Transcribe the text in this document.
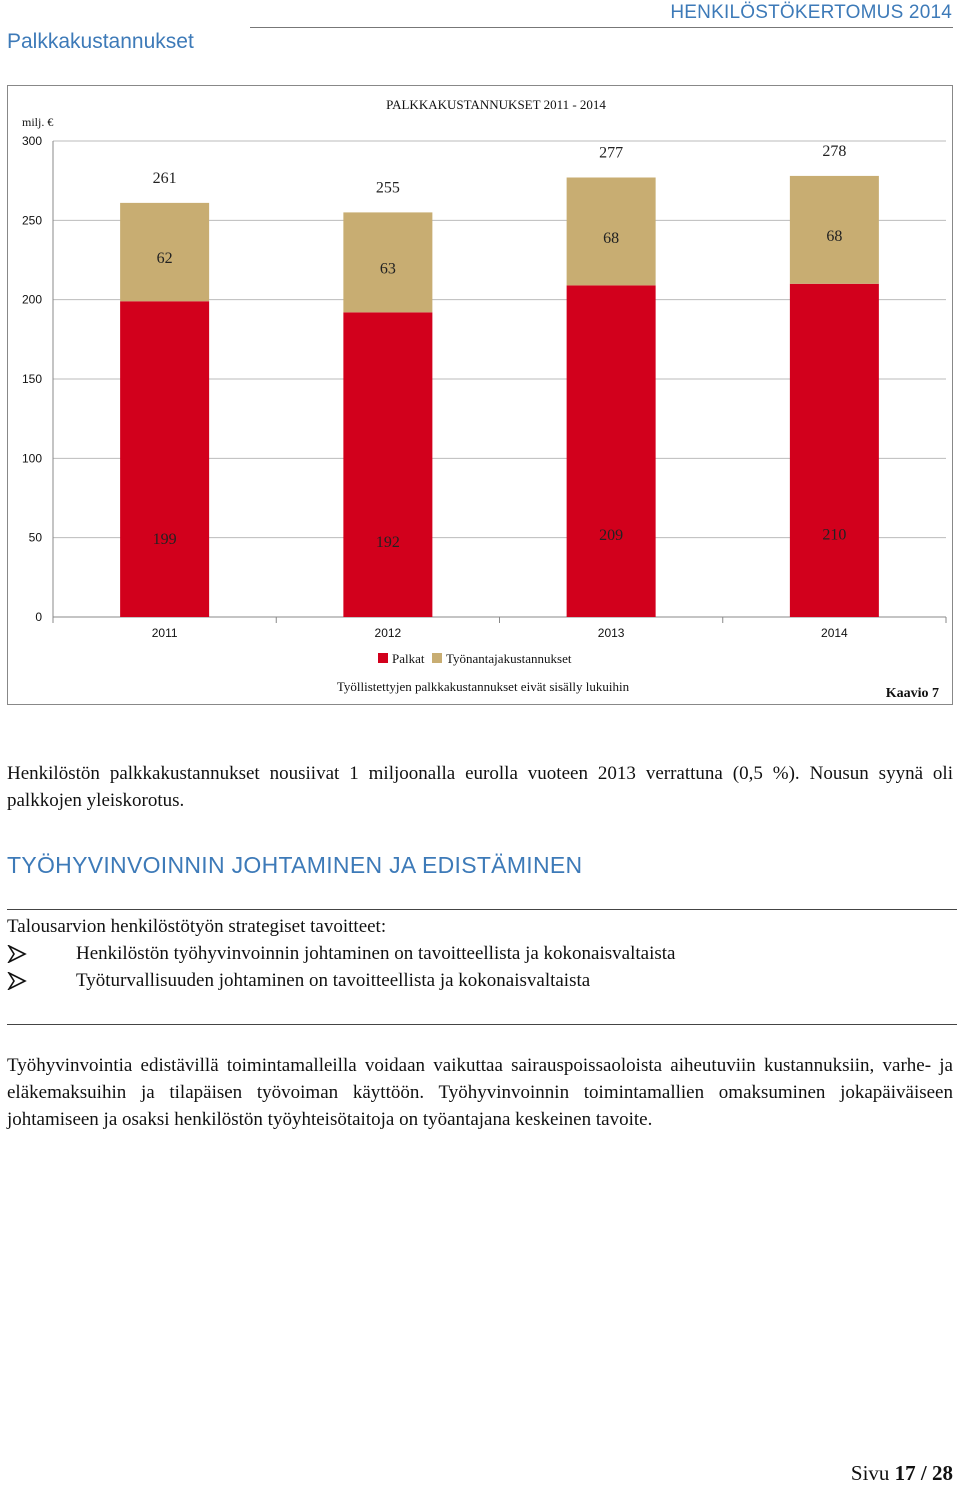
HENKILÖSTÖKERTOMUS 2014
Palkkakustannukset
PALKKAKUSTANNUKSET 2011 - 2014
milj. €
0
50
100
150
200
250
300
199
62
261
2011
192
63
255
2012
209
68
277
2013
210
68
278
2014
Palkat Työnantajakustannukset
Työllistettyjen palkkakustannukset eivät sisälly lukuihin	Kaavio 7
Henkilöstön palkkakustannukset nousiivat 1 miljoonalla eurolla vuoteen 2013 verrattuna (0,5 %). Nousun syynä oli palkkojen yleiskorotus.
TYÖHYVINVOINNIN JOHTAMINEN JA EDISTÄMINEN
Talousarvion henkilöstötyön strategiset tavoitteet:
Henkilöstön työhyvinvoinnin johtaminen on tavoitteellista ja kokonaisvaltaista
Työturvallisuuden johtaminen on tavoitteellista ja kokonaisvaltaista
Työhyvinvointia edistävillä toimintamalleilla voidaan vaikuttaa sairauspoissaoloista aiheutuviin kustannuksiin, varhe- ja eläkemaksuihin ja tilapäisen työvoiman käyttöön. Työhyvinvoinnin toimintamallien omaksuminen jokapäiväiseen johtamiseen ja osaksi henkilöstön työyhteisötaitoja on työantajana keskeinen tavoite.
Sivu 17 / 28
